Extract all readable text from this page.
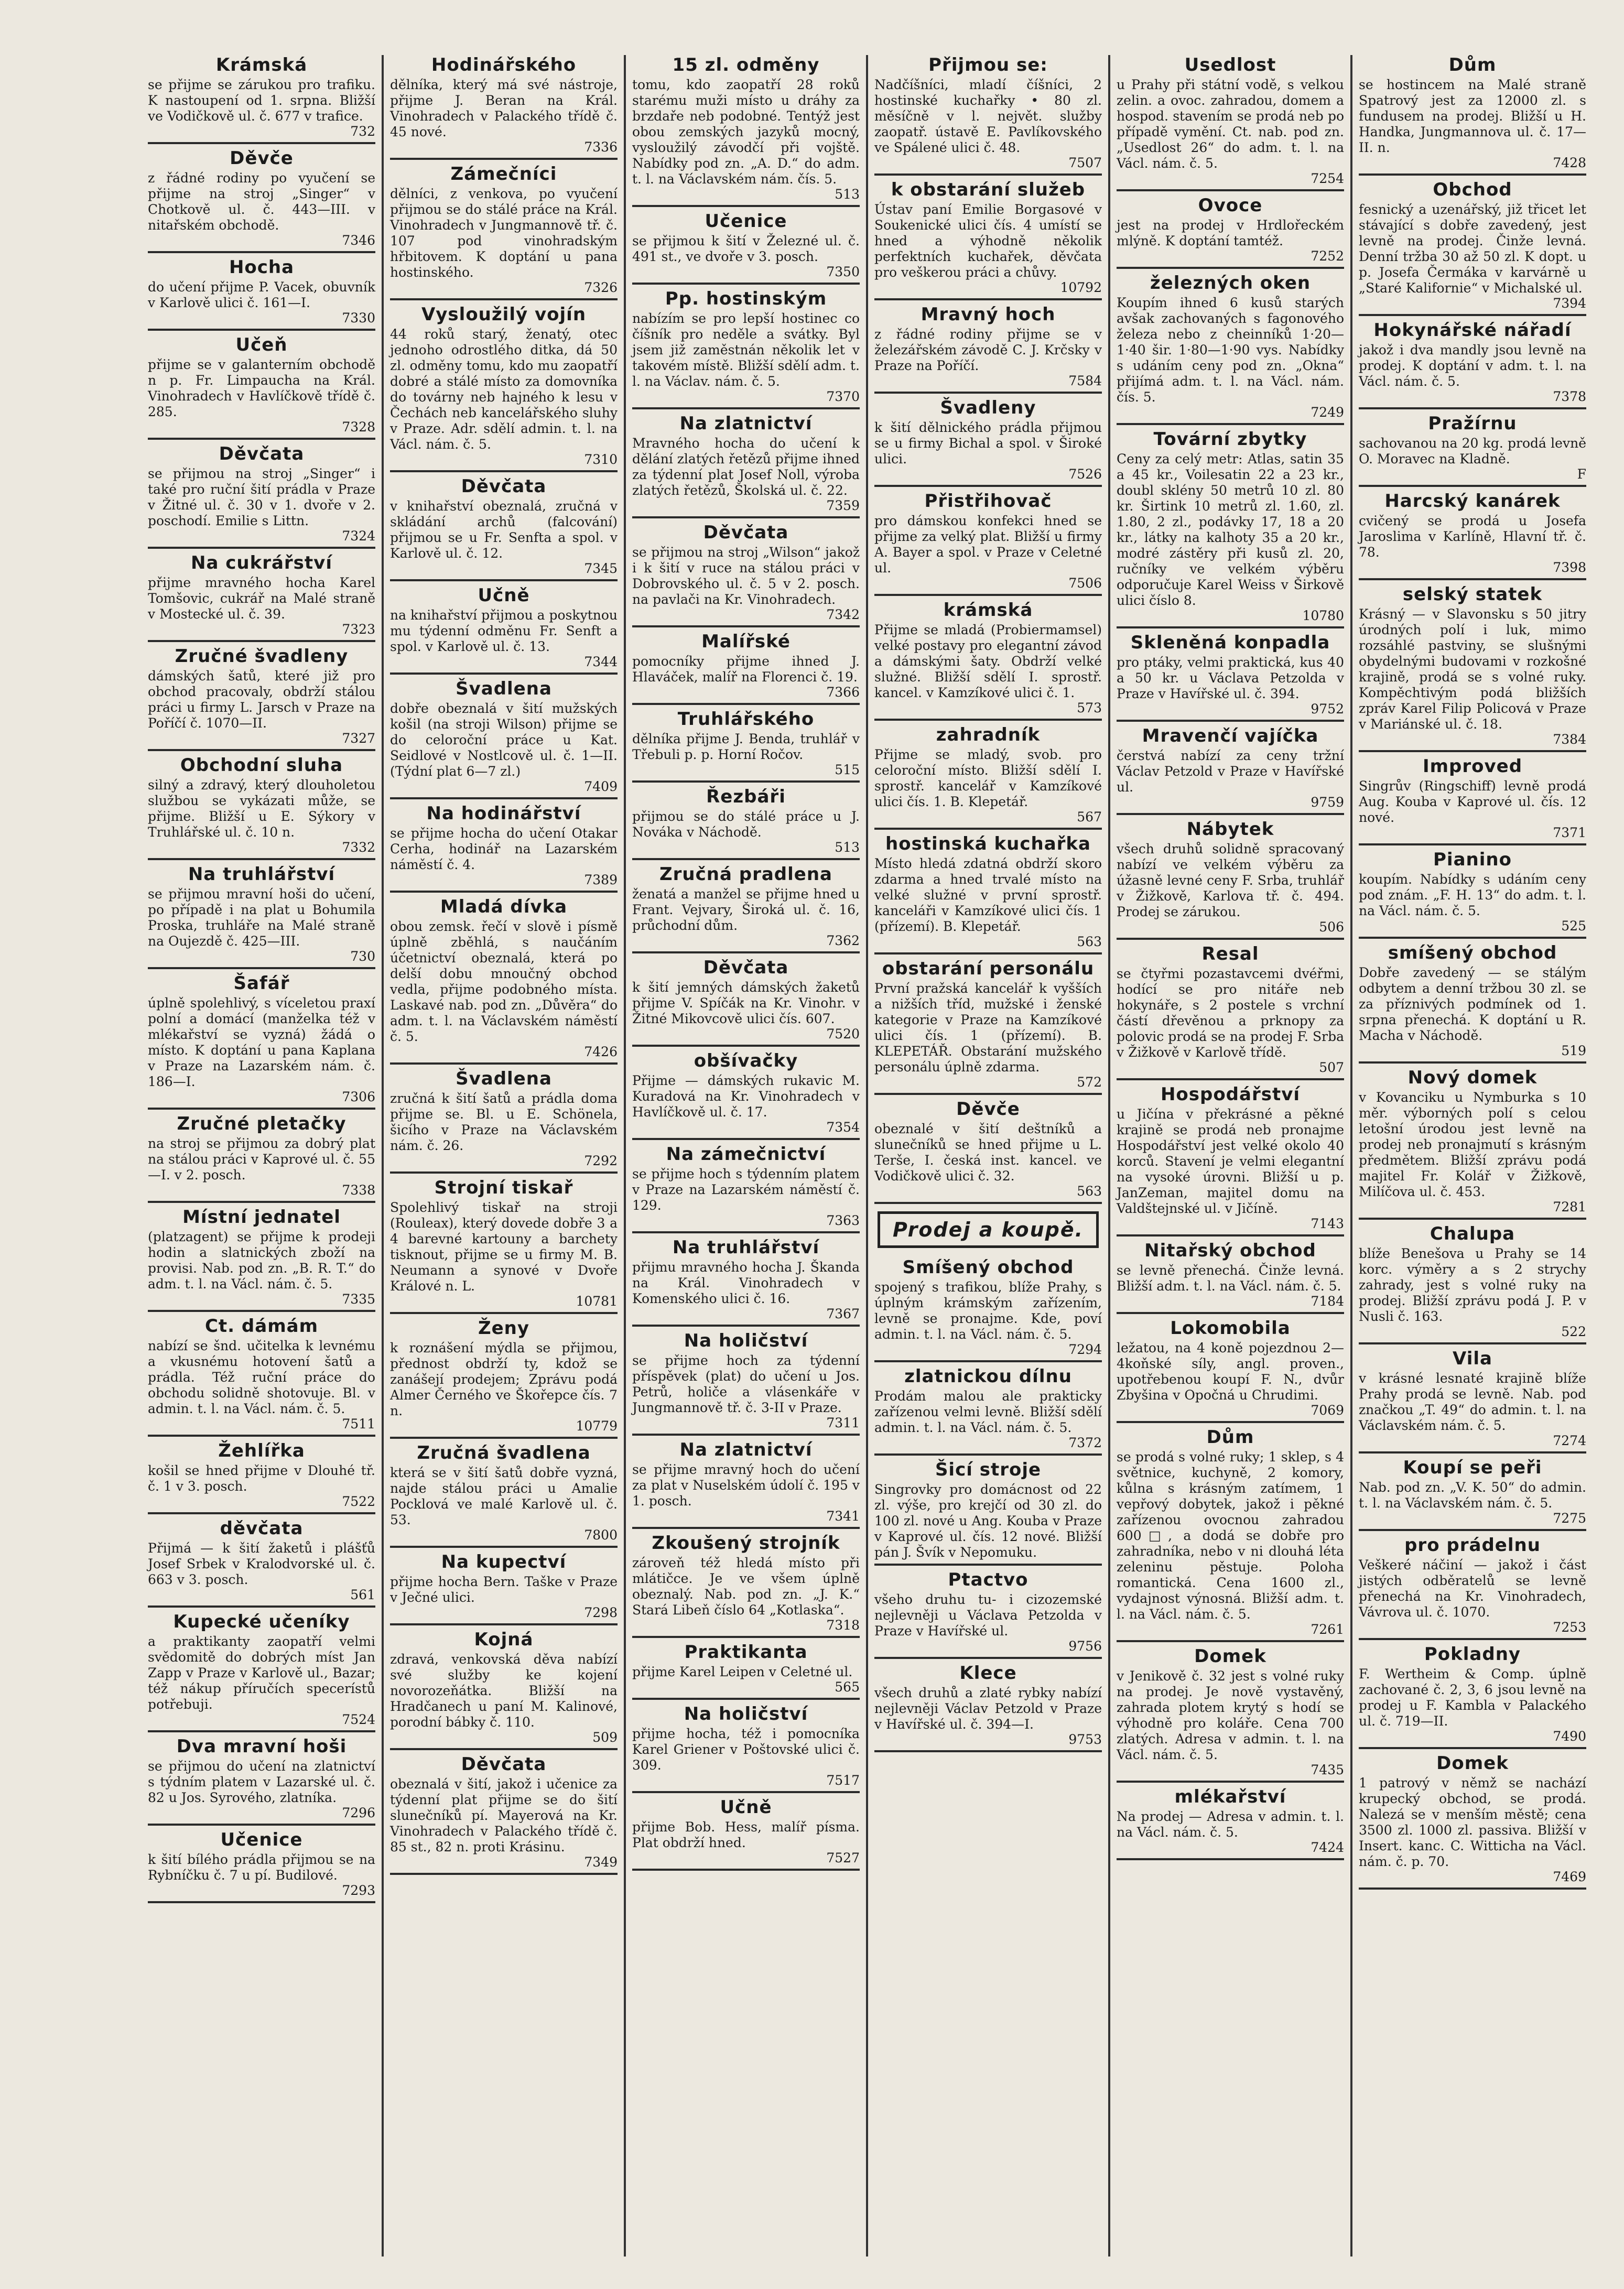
Krámská

se přijme se zárukou pro trafiku. K nastoupení od 1. srpna. Bližší ve Vodičkově ul. č. 677 v trafice.

732
Děvče

z řádné rodiny po vyučení se přijme na stroj „Singer“ v Chotkově ul. č. 443—III. v nitařském obchodě.

7346
Hocha

do učení přijme P. Vacek, obuvník v Karlově ulici č. 161—I.

7330
Učeň

přijme se v galanterním obchodě n p. Fr. Limpaucha na Král. Vinohradech v Havlíčkově třídě č. 285.

7328
Děvčata

se přijmou na stroj „Singer“ i také pro ruční šití prádla v Praze v Žitné ul. č. 30 v 1. dvoře v 2. poschodí. Emilie s Littn.

7324
Na cukrářství

přijme mravného hocha Karel Tomšovic, cukrář na Malé straně v Mostecké ul. č. 39.

7323
Zručné švadleny

dámských šatů, které již pro obchod pracovaly, obdrží stálou práci u firmy L. Jarsch v Praze na Poříčí č. 1070—II.

7327
Obchodní sluha

silný a zdravý, který dlouholetou službou se vykázati může, se přijme. Bližší u E. Sýkory v Truhlářské ul. č. 10 n.

7332
Na truhlářství

se přijmou mravní hoši do učení, po případě i na plat u Bohumila Proska, truhláře na Malé straně na Oujezdě č. 425—III.

730
Šafář

úplně spolehlivý, s víceletou praxí polní a domácí (manželka též v mlékařství se vyzná) žádá o místo. K doptání u pana Kaplana v Praze na Lazarském nám. č. 186—I.

7306
Zručné pletačky

na stroj se přijmou za dobrý plat na stálou práci v Kaprové ul. č. 55—I. v 2. posch.

7338
Místní jednatel

(platzagent) se přijme k prodeji hodin a slatnických zboží na provisi. Nab. pod zn. „B. R. T.“ do adm. t. l. na Václ. nám. č. 5.

7335
Ct. dámám

nabízí se šnd. učitelka k levnému a vkusnému hotovení šatů a prádla. Též ruční práce do obchodu solidně shotovuje. Bl. v admin. t. l. na Václ. nám. č. 5.

7511
Žehlířka

košil se hned přijme v Dlouhé tř. č. 1 v 3. posch.

7522
děvčata

Přijmá — k šití žaketů i plášťů Josef Srbek v Kralodvorské ul. č. 663 v 3. posch.

561
Kupecké učeníky

a praktikanty zaopatří velmi svědomitě do dobrých míst Jan Zapp v Praze v Karlově ul., Bazar; též nákup příručích specerístů potřebuji.

7524
Dva mravní hoši

se přijmou do učení na zlatnictví s týdním platem v Lazarské ul. č. 82 u Jos. Syrového, zlatníka.

7296
Učenice

k šití bílého prádla přijmou se na Rybníčku č. 7 u pí. Budilové.

7293
Hodinářského

dělníka, který má své nástroje, přijme J. Beran na Král. Vinohradech v Palackého třídě č. 45 nové.

7336
Zámečníci

dělníci, z venkova, po vyučení přijmou se do stálé práce na Král. Vinohradech v Jungmannově tř. č. 107 pod vinohradským hřbitovem. K doptání u pana hostinského.

7326
Vysloužilý vojín

44 roků starý, ženatý, otec jednoho odrostlého ditka, dá 50 zl. odměny tomu, kdo mu zaopatří dobré a stálé místo za domovníka do továrny neb hajného k lesu v Čechách neb kancelářského sluhy v Praze. Adr. sdělí admin. t. l. na Václ. nám. č. 5.

7310
Děvčata

v knihařství obeznalá, zručná v skládání archů (falcování) přijmou se u Fr. Senfta a spol. v Karlově ul. č. 12.

7345
Učně

na knihařství přijmou a poskytnou mu týdenní odměnu Fr. Senft a spol. v Karlově ul. č. 13.

7344
Švadlena

dobře obeznalá v šití mužských košil (na stroji Wilson) přijme se do celoroční práce u Kat. Seidlové v Nostlcově ul. č. 1—II. (Týdní plat 6—7 zl.)

7409
Na hodinářství

se přijme hocha do učení Otakar Cerha, hodinář na Lazarském náměstí č. 4.

7389
Mladá dívka

obou zemsk. řečí v slově i písmě úplně zběhlá, s naučáním účetnictví obeznalá, která po delší dobu mnoučný obchod vedla, přijme podobného místa. Laskavé nab. pod zn. „Důvěra“ do adm. t. l. na Václavském náměstí č. 5.

7426
Švadlena

zručná k šití šatů a prádla doma přijme se. Bl. u E. Schönela, šicího v Praze na Václavském nám. č. 26.

7292
Strojní tiskař

Spolehlivý tiskař na stroji (Rouleax), který dovede dobře 3 a 4 barevné kartouny a barchety tisknout, přijme se u firmy M. B. Neumann a synové v Dvoře Králové n. L.

10781
Ženy

k roznášení mýdla se přijmou, přednost obdrží ty, kdož se zanášejí prodejem; Zprávu podá Almer Černého ve Škořepce čís. 7 n.

10779
Zručná švadlena

která se v šití šatů dobře vyzná, najde stálou práci u Amalie Pocklová ve malé Karlově ul. č. 53.

7800
Na kupectví

přijme hocha Bern. Taške v Praze v Ječné ulici.

7298
Kojná

zdravá, venkovská děva nabízí své služby ke kojení novorozeňátka. Bližší na Hradčanech u paní M. Kalinové, porodní bábky č. 110.

509
Děvčata

obeznalá v šití, jakož i učenice za týdenní plat přijme se do šití slunečníků pí. Mayerová na Kr. Vinohradech v Palackého třídě č. 85 st., 82 n. proti Krásinu.

7349
15 zl. odměny

tomu, kdo zaopatří 28 roků starému muži místo u dráhy za brzdaře neb podobné. Tentýž jest obou zemských jazyků mocný, vysloužilý závodčí při vojště. Nabídky pod zn. „A. D.“ do adm. t. l. na Václavském nám. čís. 5.

513
Učenice

se přijmou k šití v Železné ul. č. 491 st., ve dvoře v 3. posch.

7350
Pp. hostinským

nabízím se pro lepší hostinec co číšník pro neděle a svátky. Byl jsem již zaměstnán několik let v takovém místě. Bližší sdělí adm. t. l. na Václav. nám. č. 5.

7370
Na zlatnictví

Mravného hocha do učení k dělání zlatých řetězů přijme ihned za týdenní plat Josef Noll, výroba zlatých řetězů, Školská ul. č. 22.

7359
Děvčata

se přijmou na stroj „Wilson“ jakož i k šití v ruce na stálou práci v Dobrovského ul. č. 5 v 2. posch. na pavlači na Kr. Vinohradech.

7342
Malířské

pomocníky přijme ihned J. Hlaváček, malíř na Florenci č. 19.

7366
Truhlářského

dělníka přijme J. Benda, truhlář v Třebuli p. p. Horní Ročov.

515
Řezbáři

přijmou se do stálé práce u J. Nováka v Náchodě.

513
Zručná pradlena

ženatá a manžel se přijme hned u Frant. Vejvary, Široká ul. č. 16, průchodní dům.

7362
Děvčata

k šití jemných dámských žaketů přijme V. Spíčák na Kr. Vinohr. v Žitné Mikovcově ulici čís. 607.

7520
obšívačky

Přijme — dámských rukavic M. Kuradová na Kr. Vinohradech v Havlíčkově ul. č. 17.

7354
Na zámečnictví

se přijme hoch s týdenním platem v Praze na Lazarském náměstí č. 129.

7363
Na truhlářství

přijmu mravného hocha J. Škanda na Král. Vinohradech v Komenského ulici č. 16.

7367
Na holičství

se přijme hoch za týdenní příspěvek (plat) do učení u Jos. Petrů, holiče a vlásenkáře v Jungmannově tř. č. 3-II v Praze.

7311
Na zlatnictví

se přijme mravný hoch do učení za plat v Nuselském údolí č. 195 v 1. posch.

7341
Zkoušený strojník

zároveň též hledá místo při mlátičce. Je ve všem úplně obeznalý. Nab. pod zn. „J. K.“ Stará Libeň číslo 64 „Kotlaska“.

7318
Praktikanta

přijme Karel Leipen v Celetné ul.

565
Na holičství

přijme hocha, též i pomocníka Karel Griener v Poštovské ulici č. 309.

7517
Učně

přijme Bob. Hess, malíř písma. Plat obdrží hned.

7527
Přijmou se:

Nadčíšníci, mladí číšníci, 2 hostinské kuchařky • 80 zl. měsíčně v l. největ. služby zaopatř. ústavě E. Pavlíkovského ve Spálené ulici č. 48.

7507
k obstarání služeb

Ústav paní Emilie Borgasové v Soukenické ulici čís. 4 umístí se hned a výhodně několik perfektních kuchařek, děvčata pro veškerou práci a chůvy.

10792
Mravný hoch

z řádné rodiny přijme se v železářském závodě C. J. Krčsky v Praze na Poříčí.

7584
Švadleny

k šití dělnického prádla přijmou se u firmy Bichal a spol. v Široké ulici.

7526
Přistřihovač

pro dámskou konfekci hned se přijme za velký plat. Bližší u firmy A. Bayer a spol. v Praze v Celetné ul.

7506
krámská

Přijme se mladá (Probiermamsel) velké postavy pro elegantní závod a dámskými šaty. Obdrží velké služné. Bližší sdělí I. sprostř. kancel. v Kamzíkové ulici č. 1.

573
zahradník

Přijme se mladý, svob. pro celoroční místo. Bližší sdělí I. sprostř. kancelář v Kamzíkové ulici čís. 1. B. Klepetář.

567
hostinská kuchařka

Místo hledá zdatná obdrží skoro zdarma a hned trvalé místo na velké služné v první sprostř. kanceláři v Kamzíkové ulici čís. 1 (přízemí). B. Klepetář.

563
obstarání personálu

První pražská kancelář k vyšších a nižších tříd, mužské i ženské kategorie v Praze na Kamzíkové ulici čís. 1 (přízemí). B. KLEPETÁŘ. Obstarání mužského personálu úplně zdarma.

572
Děvče

obeznalé v šití deštníků a slunečníků se hned přijme u L. Terše, I. česká inst. kancel. ve Vodičkově ulici č. 32.

563
Prodej a koupě.
Smíšený obchod

spojený s trafikou, blíže Prahy, s úplným krámským zařízením, levně se pronajme. Kde, poví admin. t. l. na Václ. nám. č. 5.

7294
zlatnickou dílnu

Prodám malou ale prakticky zařízenou velmi levně. Bližší sdělí admin. t. l. na Václ. nám. č. 5.

7372
Šicí stroje

Singrovky pro domácnost od 22 zl. výše, pro krejčí od 30 zl. do 100 zl. nové u Ang. Kouba v Praze v Kaprové ul. čís. 12 nové. Bližší pán J. Švík v Nepomuku.

Ptactvo

všeho druhu tu- i cizozemské nejlevněji u Václava Petzolda v Praze v Havířské ul.

9756
Klece

všech druhů a zlaté rybky nabízí nejlevněji Václav Petzold v Praze v Havířské ul. č. 394—I.

9753
Usedlost

u Prahy při státní vodě, s velkou zelin. a ovoc. zahradou, domem a hospod. stavením se prodá neb po případě vymění. Ct. nab. pod zn. „Usedlost 26“ do adm. t. l. na Václ. nám. č. 5.

7254
Ovoce

jest na prodej v Hrdlořeckém mlýně. K doptání tamtéž.

7252
železných oken

Koupím ihned 6 kusů starých avšak zachovaných s fagonového železa nebo z cheinníků 1·20—1·40 šir. 1·80—1·90 vys. Nabídky s udáním ceny pod zn. „Okna“ přijímá adm. t. l. na Václ. nám. čís. 5.

7249
Tovární zbytky

Ceny za celý metr: Atlas, satin 35 a 45 kr., Voilesatin 22 a 23 kr., doubl sklény 50 metrů 10 zl. 80 kr. Širtink 10 metrů zl. 1.60, zl. 1.80, 2 zl., podávky 17, 18 a 20 kr., látky na kalhoty 35 a 20 kr., modré zástěry při kusů zl. 20, ručníky ve velkém výběru odporučuje Karel Weiss v Širkově ulici číslo 8.

10780
Skleněná konpadla

pro ptáky, velmi praktická, kus 40 a 50 kr. u Václava Petzolda v Praze v Havířské ul. č. 394.

9752
Mravenčí vajíčka

čerstvá nabízí za ceny tržní Václav Petzold v Praze v Havířské ul.

9759
Nábytek

všech druhů solidně spracovaný nabízí ve velkém výběru za úžasně levné ceny F. Srba, truhlář v Žižkově, Karlova tř. č. 494. Prodej se zárukou.

506
Resal

se čtyřmi pozastavcemi dvéřmi, hodící se pro nitáře neb hokynáře, s 2 postele s vrchní částí dřevěnou a prknopy za polovic prodá se na prodej F. Srba v Žižkově v Karlově třídě.

507
Hospodářství

u Jičína v překrásné a pěkné krajině se prodá neb pronajme Hospodářství jest velké okolo 40 korců. Stavení je velmi elegantní na vysoké úrovni. Bližší u p. JanZeman, majitel domu na Valdštejnské ul. v Jičíně.

7143
Nitařský obchod

se levně přenechá. Činže levná. Bližší adm. t. l. na Václ. nám. č. 5.

7184
Lokomobila

ležatou, na 4 koně pojezdnou 2—4koňské síly, angl. proven., upotřebenou koupí F. N., dvůr Zbyšina v Opočná u Chrudimi.

7069
Dům

se prodá s volné ruky; 1 sklep, s 4 světnice, kuchyně, 2 komory, kůlna s krásným zatímem, 1 vepřový dobytek, jakož i pěkné zařízenou ovocnou zahradou 600□, a dodá se dobře pro zahradníka, nebo v ni dlouhá léta zeleninu pěstuje. Poloha romantická. Cena 1600 zl., vydajnost výnosná. Bližší adm. t. l. na Václ. nám. č. 5.

7261
Domek

v Jenikově č. 32 jest s volné ruky na prodej. Je nově vystavěný, zahrada plotem krytý s hodí se výhodně pro koláře. Cena 700 zlatých. Adresa v admin. t. l. na Václ. nám. č. 5.

7435
mlékařství

Na prodej — Adresa v admin. t. l. na Václ. nám. č. 5.

7424
Dům

se hostincem na Malé straně Spatrový jest za 12000 zl. s fundusem na prodej. Bližší u H. Handka, Jungmannova ul. č. 17—II. n.

7428
Obchod

fesnický a uzenářský, již třicet let stávající s dobře zavedený, jest levně na prodej. Činže levná. Denní tržba 30 až 50 zl. K dopt. u p. Josefa Čermáka v karvárně u „Staré Kalifornie“ v Michalské ul.

7394
Hokynářské nářadí

jakož i dva mandly jsou levně na prodej. K doptání v adm. t. l. na Václ. nám. č. 5.

7378
Pražírnu

sachovanou na 20 kg. prodá levně O. Moravec na Kladně.

F
Harcský kanárek

cvičený se prodá u Josefa Jaroslima v Karlíně, Hlavní tř. č. 78.

7398
selský statek

Krásný — v Slavonsku s 50 jitry úrodných polí i luk, mimo rozsáhlé pastviny, se slušnými obydelnými budovami v rozkošné krajině, prodá se s volné ruky. Kompěchtivým podá bližších zpráv Karel Filip Policová v Praze v Mariánské ul. č. 18.

7384
Improved

Singrův (Ringschiff) levně prodá Aug. Kouba v Kaprové ul. čís. 12 nové.

7371
Pianino

koupím. Nabídky s udáním ceny pod znám. „F. H. 13“ do adm. t. l. na Václ. nám. č. 5.

525
smíšený obchod

Dobře zavedený — se stálým odbytem a denní tržbou 30 zl. se za příznivých podmínek od 1. srpna přenechá. K doptání u R. Macha v Náchodě.

519
Nový domek

v Kovanciku u Nymburka s 10 měr. výborných polí s celou letošní úrodou jest levně na prodej neb pronajmutí s krásným předmětem. Bližší zprávu podá majitel Fr. Kolář v Žižkově, Milíčova ul. č. 453.

7281
Chalupa

blíže Benešova u Prahy se 14 korc. výměry a s 2 strychy zahrady, jest s volné ruky na prodej. Bližší zprávu podá J. P. v Nusli č. 163.

522
Vila

v krásné lesnaté krajině blíže Prahy prodá se levně. Nab. pod značkou „T. 49“ do admin. t. l. na Václavském nám. č. 5.

7274
Koupí se peři

Nab. pod zn. „V. K. 50“ do admin. t. l. na Václavském nám. č. 5.

7275
pro prádelnu

Veškeré náčiní — jakož i část jistých odběratelů se levně přenechá na Kr. Vinohradech, Vávrova ul. č. 1070.

7253
Pokladny

F. Wertheim & Comp. úplně zachované č. 2, 3, 6 jsou levně na prodej u F. Kambla v Palackého ul. č. 719—II.

7490
Domek

1 patrový v němž se nachází krupecký obchod, se prodá. Nalezá se v menším městě; cena 3500 zl. 1000 zl. passiva. Bližší v Insert. kanc. C. Witticha na Václ. nám. č. p. 70.

7469
